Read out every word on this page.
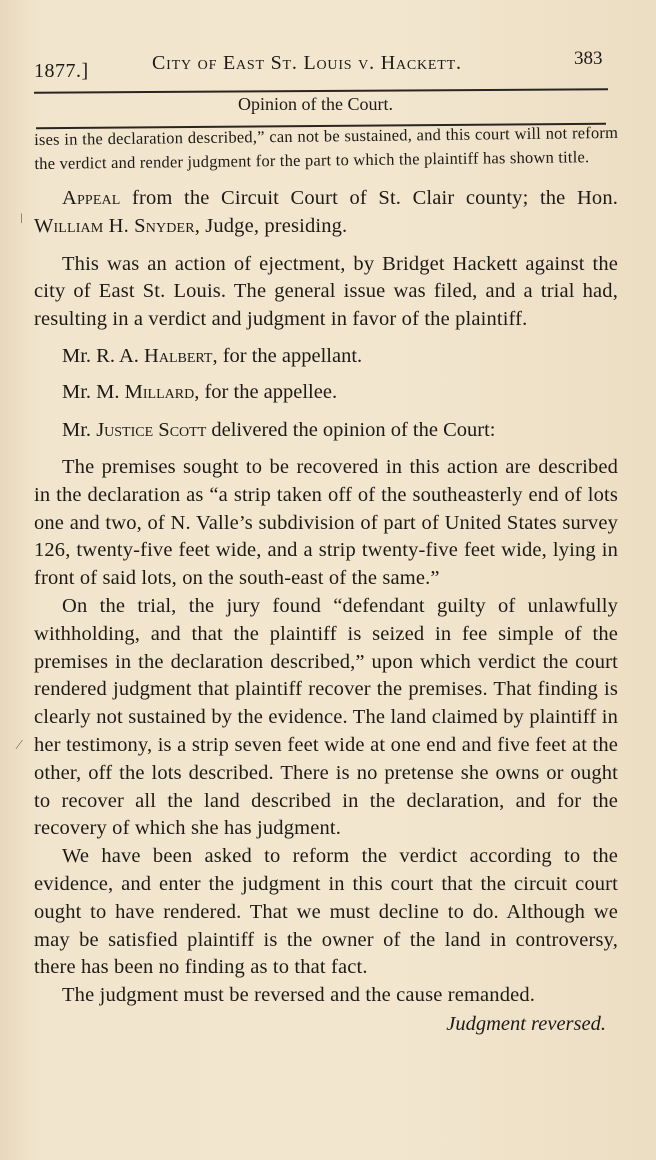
1877.]	City of East St. Louis v. Hackett.	383
Opinion of the Court.
ǀ
⁄

ises in the declaration described,” can not be sustained, and this court will not reform the verdict and render judgment for the part to which the plaintiff has shown title.

Appeal from the Circuit Court of St. Clair county; the Hon. William H. Snyder, Judge, presiding.

This was an action of ejectment, by Bridget Hackett against the city of East St. Louis. The general issue was filed, and a trial had, resulting in a verdict and judgment in favor of the plaintiff.

Mr. R. A. Halbert, for the appellant.

Mr. M. Millard, for the appellee.

Mr. Justice Scott delivered the opinion of the Court:

The premises sought to be recovered in this action are described in the declaration as “a strip taken off of the southeasterly end of lots one and two, of N. Valle’s subdivision of part of United States survey 126, twenty-five feet wide, and a strip twenty-five feet wide, lying in front of said lots, on the south-east of the same.”

On the trial, the jury found “defendant guilty of unlawfully withholding, and that the plaintiff is seized in fee simple of the premises in the declaration described,” upon which verdict the court rendered judgment that plaintiff recover the premises. That finding is clearly not sustained by the evidence. The land claimed by plaintiff in her testimony, is a strip seven feet wide at one end and five feet at the other, off the lots described. There is no pretense she owns or ought to recover all the land described in the declaration, and for the recovery of which she has judgment.

We have been asked to reform the verdict according to the evidence, and enter the judgment in this court that the circuit court ought to have rendered. That we must decline to do. Although we may be satisfied plaintiff is the owner of the land in controversy, there has been no finding as to that fact.

The judgment must be reversed and the cause remanded.

Judgment reversed.
